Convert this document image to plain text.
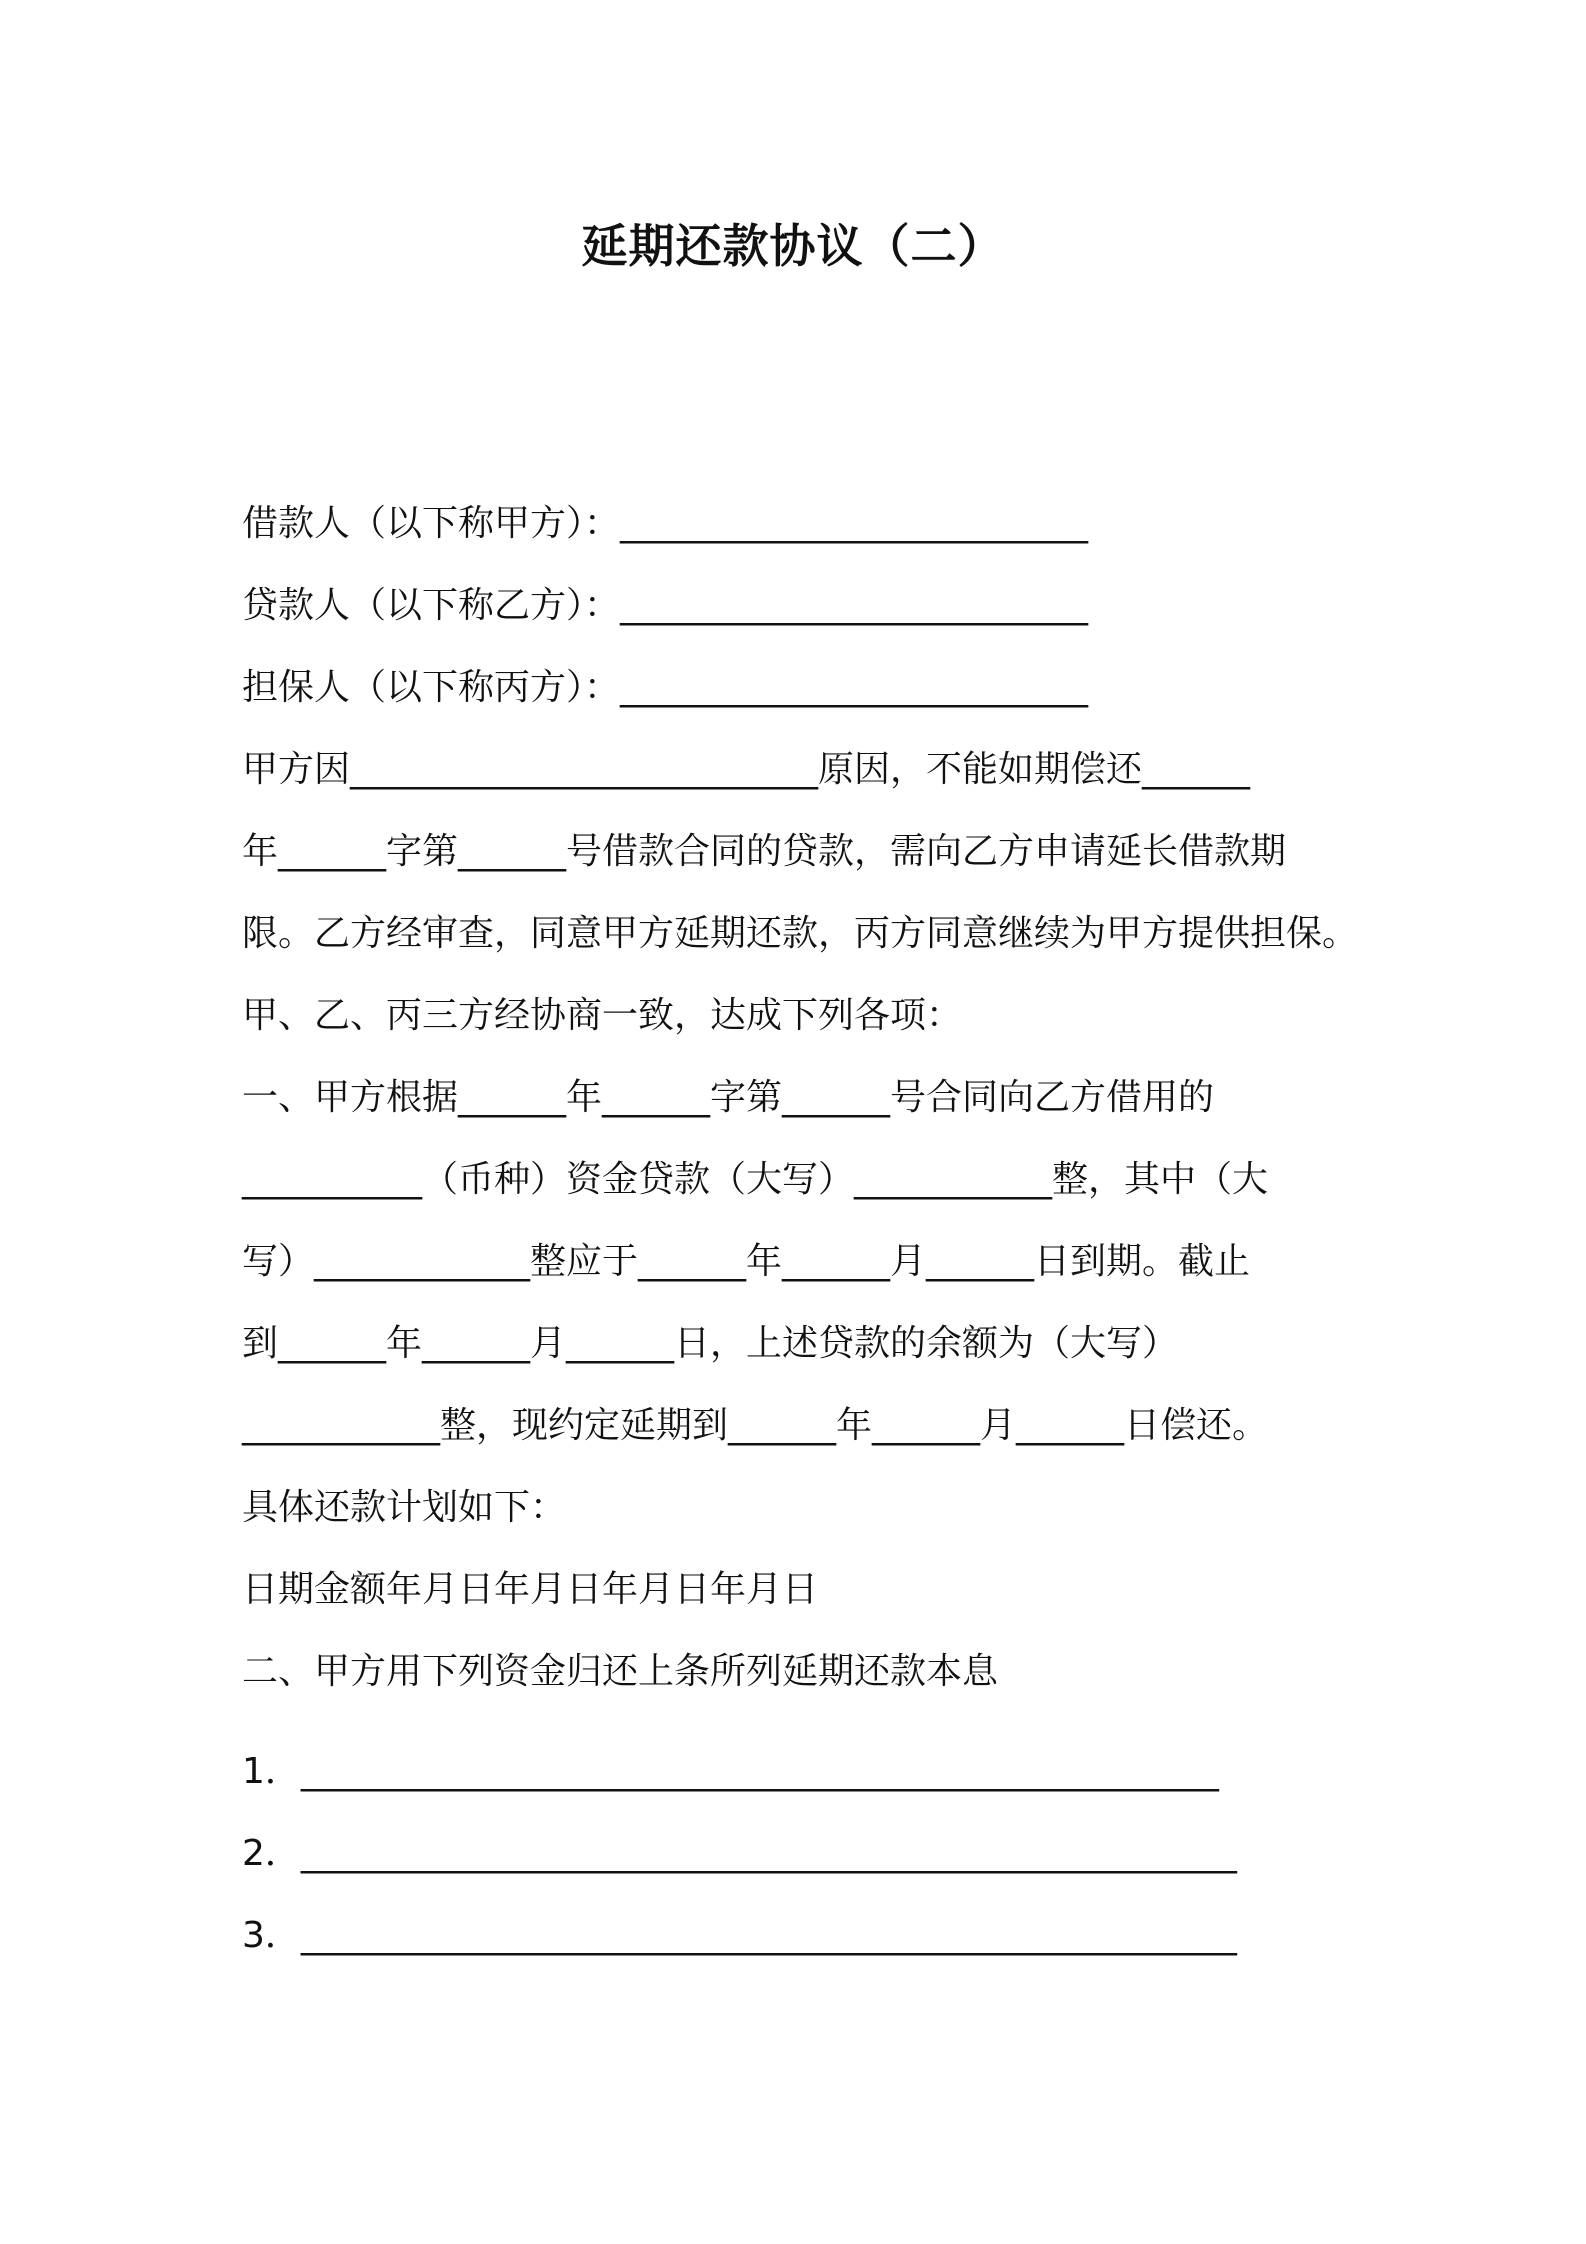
延期还款协议（二）
借款人（以下称甲方）：__________________________
贷款人（以下称乙方）：__________________________
担保人（以下称丙方）：__________________________
甲方因__________________________原因，不能如期偿还______
年______字第______号借款合同的贷款，需向乙方申请延长借款期
限。乙方经审查，同意甲方延期还款，丙方同意继续为甲方提供担保。
甲、乙、丙三方经协商一致，达成下列各项：
一、甲方根据______年______字第______号合同向乙方借用的
__________（币种）资金贷款（大写）___________整，其中（大
写）____________整应于______年______月______日到期。截止
到______年______月______日，上述贷款的余额为（大写）
___________整，现约定延期到______年______月______日偿还。
具体还款计划如下：
日期金额年月日年月日年月日年月日
二、甲方用下列资金归还上条所列延期还款本息
1．___________________________________________________
2．____________________________________________________
3．____________________________________________________
